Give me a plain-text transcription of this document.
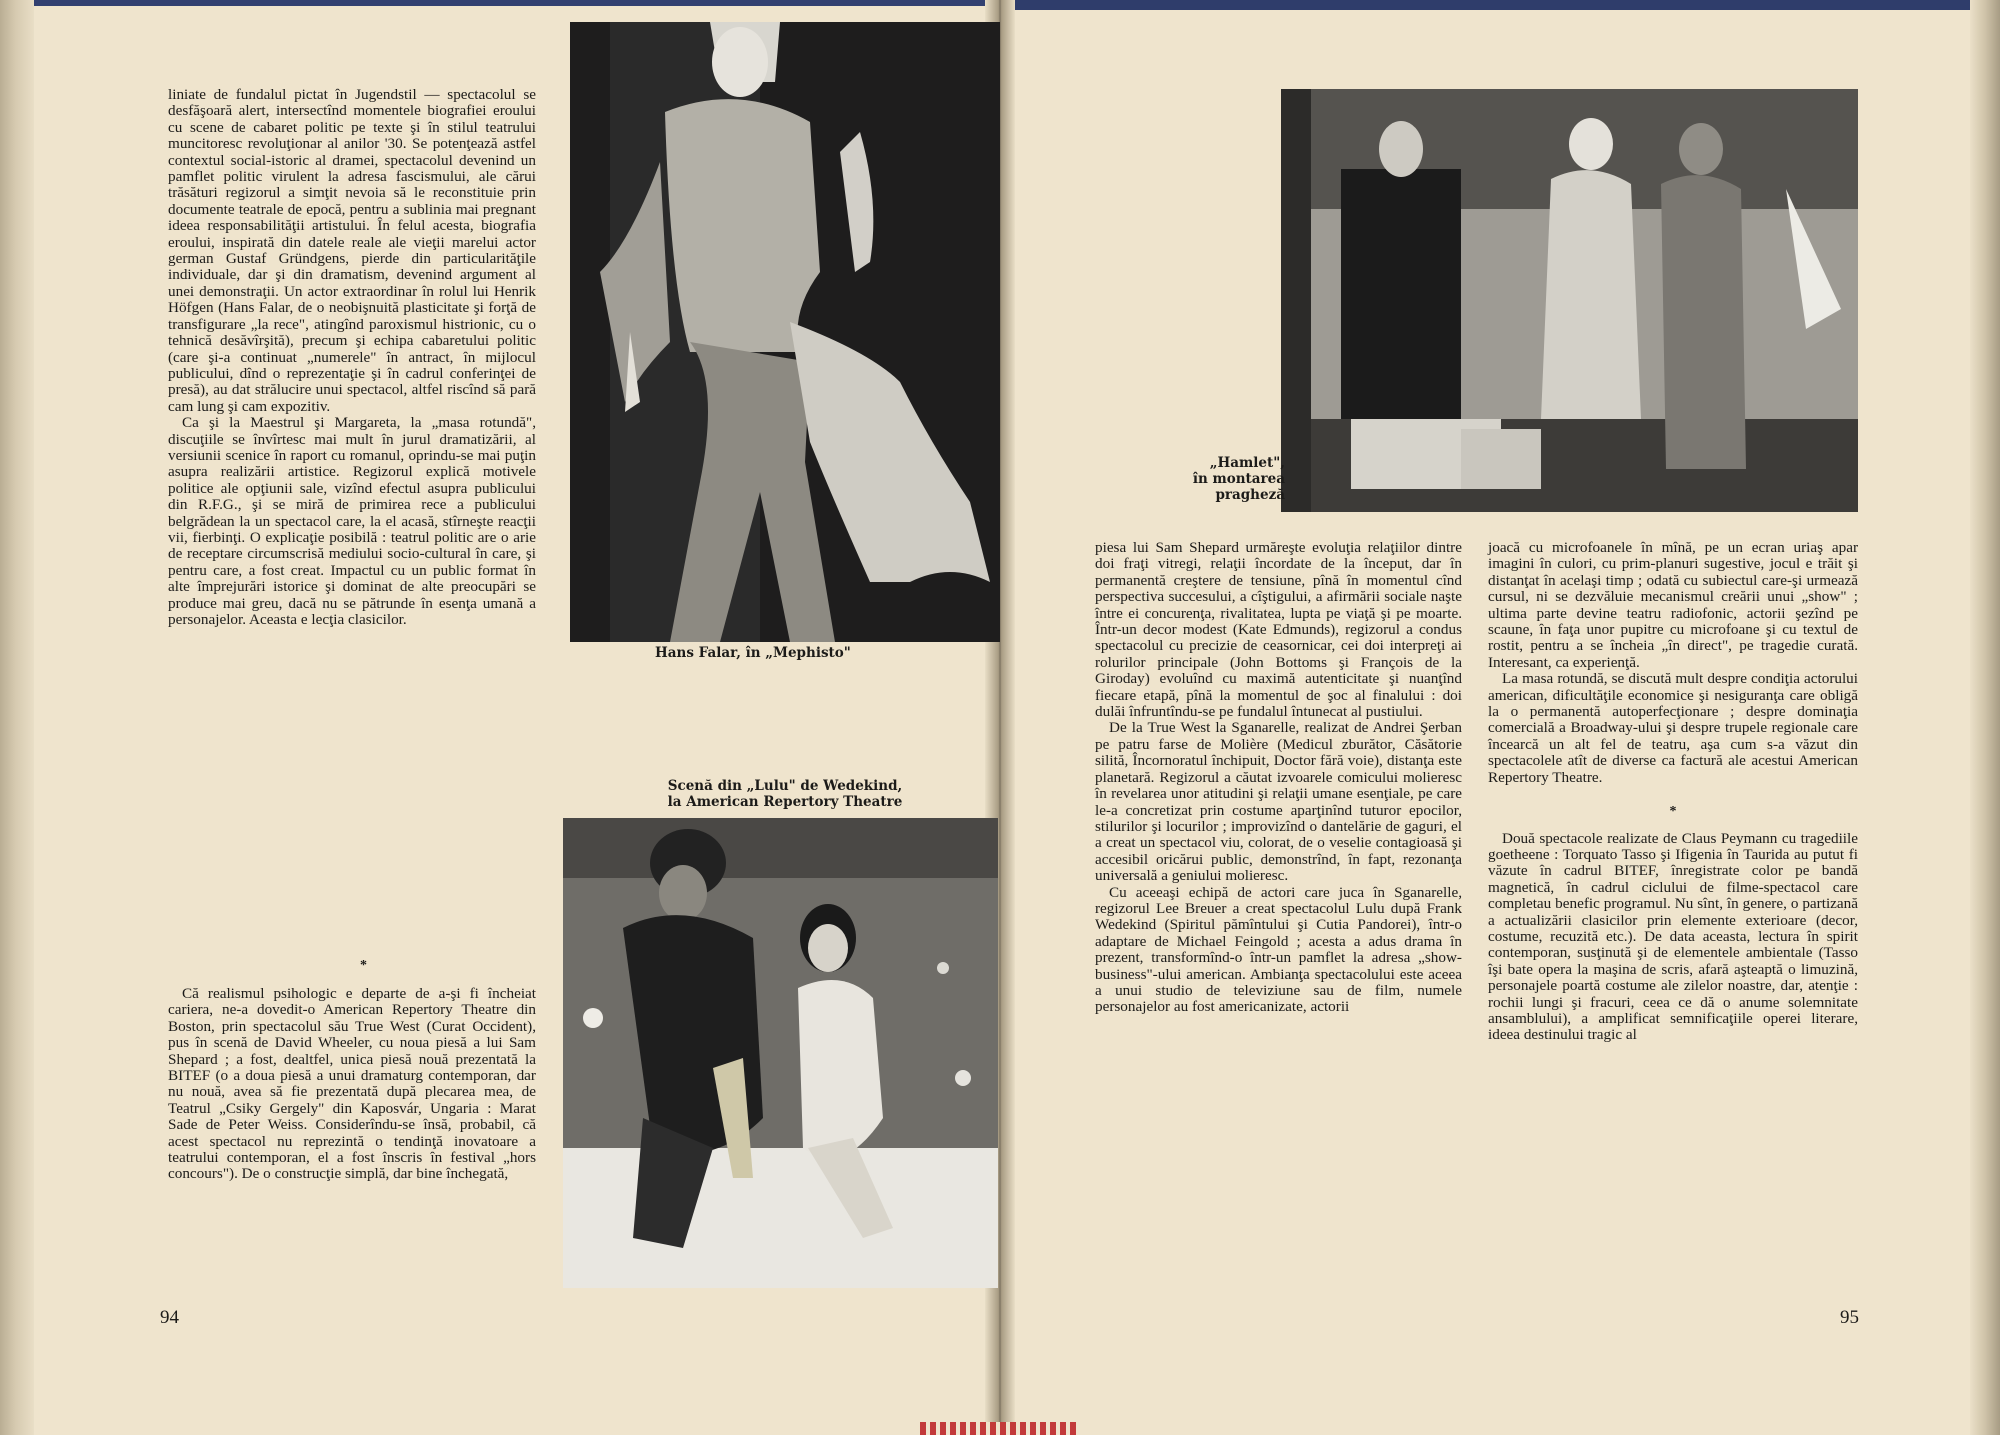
liniate de fundalul pictat în Jugendstil — spectacolul se desfăşoară alert, intersectînd momentele biografiei eroului cu scene de cabaret politic pe texte şi în stilul teatrului muncitoresc revoluţionar al anilor '30. Se potenţează astfel contextul social-istoric al dramei, spectacolul devenind un pamflet politic virulent la adresa fascismului, ale cărui trăsături regizorul a simţit nevoia să le reconstituie prin documente teatrale de epocă, pentru a sublinia mai pregnant ideea responsabilităţii artistului. În felul acesta, biografia eroului, inspirată din datele reale ale vieţii marelui actor german Gustaf Gründgens, pierde din particularităţile individuale, dar şi din dramatism, devenind argument al unei demonstraţii. Un actor extraordinar în rolul lui Henrik Höfgen (Hans Falar, de o neobişnuită plasticitate şi forţă de transfigurare „la rece", atingînd paroxismul histrionic, cu o tehnică desăvîrşită), precum şi echipa cabaretului politic (care şi-a continuat „numerele" în antract, în mijlocul publicului, dînd o reprezentaţie şi în cadrul conferinţei de presă), au dat strălucire unui spectacol, altfel riscînd să pară cam lung şi cam expozitiv.

Ca şi la Maestrul şi Margareta, la „masa rotundă", discuţiile se învîrtesc mai mult în jurul dramatizării, al versiunii scenice în raport cu romanul, oprindu-se mai puţin asupra realizării artistice. Regizorul explică motivele politice ale opţiunii sale, vizînd efectul asupra publicului din R.F.G., şi se miră de primirea rece a publicului belgrădean la un spectacol care, la el acasă, stîrneşte reacţii vii, fierbinţi. O explicaţie posibilă : teatrul politic are o arie de receptare circumscrisă mediului socio-cultural în care, şi pentru care, a fost creat. Impactul cu un public format în alte împrejurări istorice şi dominat de alte preocupări se produce mai greu, dacă nu se pătrunde în esenţa umană a personajelor. Aceasta e lecţia clasicilor.

*

Că realismul psihologic e departe de a-şi fi încheiat cariera, ne-a dovedit-o American Repertory Theatre din Boston, prin spectacolul său True West (Curat Occident), pus în scenă de David Wheeler, cu noua piesă a lui Sam Shepard ; a fost, dealtfel, unica piesă nouă prezentată la BITEF (o a doua piesă a unui dramaturg contemporan, dar nu nouă, avea să fie prezentată după plecarea mea, de Teatrul „Csiky Gergely" din Kaposvár, Ungaria : Marat Sade de Peter Weiss. Considerîndu-se însă, probabil, că acest spectacol nu reprezintă o tendinţă inovatoare a teatrului contemporan, el a fost înscris în festival „hors concours"). De o construcţie simplă, dar bine închegată,

94
Hans Falar, în „Mephisto"
Scenă din „Lulu" de Wedekind,
la American Repertory Theatre
„Hamlet",
în montarea
pragheză

piesa lui Sam Shepard urmăreşte evoluţia relaţiilor dintre doi fraţi vitregi, relaţii încordate de la început, dar în permanentă creştere de tensiune, pînă în momentul cînd perspectiva succesului, a cîştigului, a afirmării sociale naşte între ei concurenţa, rivalitatea, lupta pe viaţă şi pe moarte. Într-un decor modest (Kate Edmunds), regizorul a condus spectacolul cu precizie de ceasornicar, cei doi interpreţi ai rolurilor principale (John Bottoms şi François de la Giroday) evoluînd cu maximă autenticitate şi nuanţînd fiecare etapă, pînă la momentul de şoc al finalului : doi dulăi înfruntîndu-se pe fundalul întunecat al pustiului.

De la True West la Sganarelle, realizat de Andrei Şerban pe patru farse de Molière (Medicul zburător, Căsătorie silită, Încornoratul închipuit, Doctor fără voie), distanţa este planetară. Regizorul a căutat izvoarele comicului molieresc în revelarea unor atitudini şi relaţii umane esenţiale, pe care le-a concretizat prin costume aparţinînd tuturor epocilor, stilurilor şi locurilor ; improvizînd o dantelărie de gaguri, el a creat un spectacol viu, colorat, de o veselie contagioasă şi accesibil oricărui public, demonstrînd, în fapt, rezonanţa universală a geniului molieresc.

Cu aceeaşi echipă de actori care juca în Sganarelle, regizorul Lee Breuer a creat spectacolul Lulu după Frank Wedekind (Spiritul pămîntului şi Cutia Pandorei), într-o adaptare de Michael Feingold ; acesta a adus drama în prezent, transformînd-o într-un pamflet la adresa „show-business"-ului american. Ambianţa spectacolului este aceea a unui studio de televiziune sau de film, numele personajelor au fost americanizate, actorii

joacă cu microfoanele în mînă, pe un ecran uriaş apar imagini în culori, cu prim-planuri sugestive, jocul e trăit şi distanţat în acelaşi timp ; odată cu subiectul care-şi urmează cursul, ni se dezvăluie mecanismul creării unui „show" ; ultima parte devine teatru radiofonic, actorii şezînd pe scaune, în faţa unor pupitre cu microfoane şi cu textul de rostit, pentru a se încheia „în direct", pe tragedie curată. Interesant, ca experienţă.

La masa rotundă, se discută mult despre condiţia actorului american, dificultăţile economice şi nesiguranţa care obligă la o permanentă autoperfecţionare ; despre dominaţia comercială a Broadway-ului şi despre trupele regionale care încearcă un alt fel de teatru, aşa cum s-a văzut din spectacolele atît de diverse ca factură ale acestui American Repertory Theatre.

*

Două spectacole realizate de Claus Peymann cu tragediile goetheene : Torquato Tasso şi Ifigenia în Taurida au putut fi văzute în cadrul BITEF, înregistrate color pe bandă magnetică, în cadrul ciclului de filme-spectacol care completau benefic programul. Nu sînt, în genere, o partizană a actualizării clasicilor prin elemente exterioare (decor, costume, recuzită etc.). De data aceasta, lectura în spirit contemporan, susţinută şi de elementele ambientale (Tasso îşi bate opera la maşina de scris, afară aşteaptă o limuzină, personajele poartă costume ale zilelor noastre, dar, atenţie : rochii lungi şi fracuri, ceea ce dă o anume solemnitate ansamblului), a amplificat semnificaţiile operei literare, ideea destinului tragic al

95
